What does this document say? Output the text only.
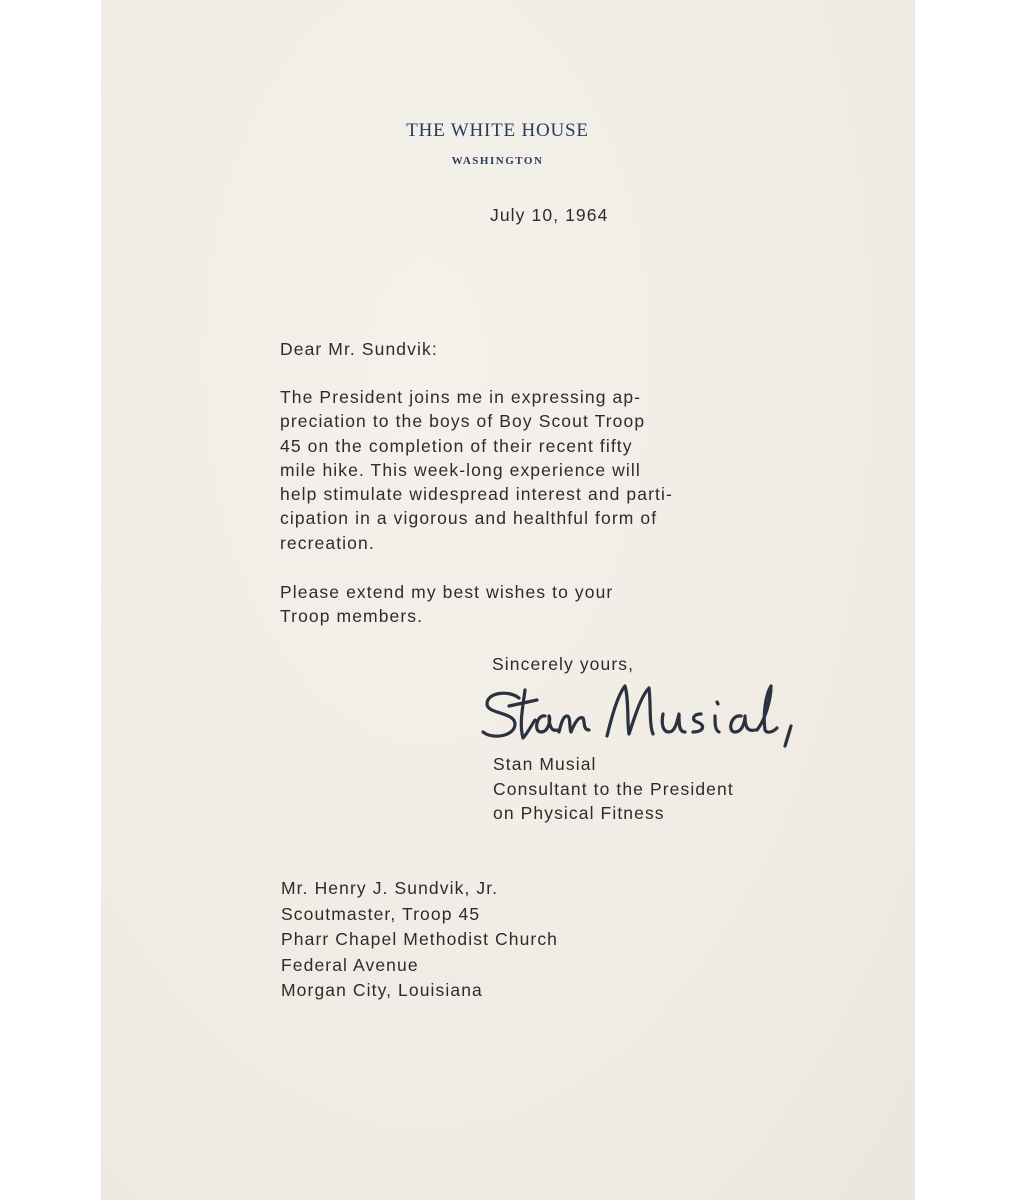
THE WHITE HOUSE
WASHINGTON
July 10, 1964
Dear Mr. Sundvik:
The President joins me in expressing ap-
preciation to the boys of Boy Scout Troop
45 on the completion of their recent fifty
mile hike. This week-long experience will
help stimulate widespread interest and parti-
cipation in a vigorous and healthful form of
recreation.
Please extend my best wishes to your
Troop members.
Sincerely yours,
Stan Musial
Consultant to the President
on Physical Fitness
Mr. Henry J. Sundvik, Jr.
Scoutmaster, Troop 45
Pharr Chapel Methodist Church
Federal Avenue
Morgan City, Louisiana
